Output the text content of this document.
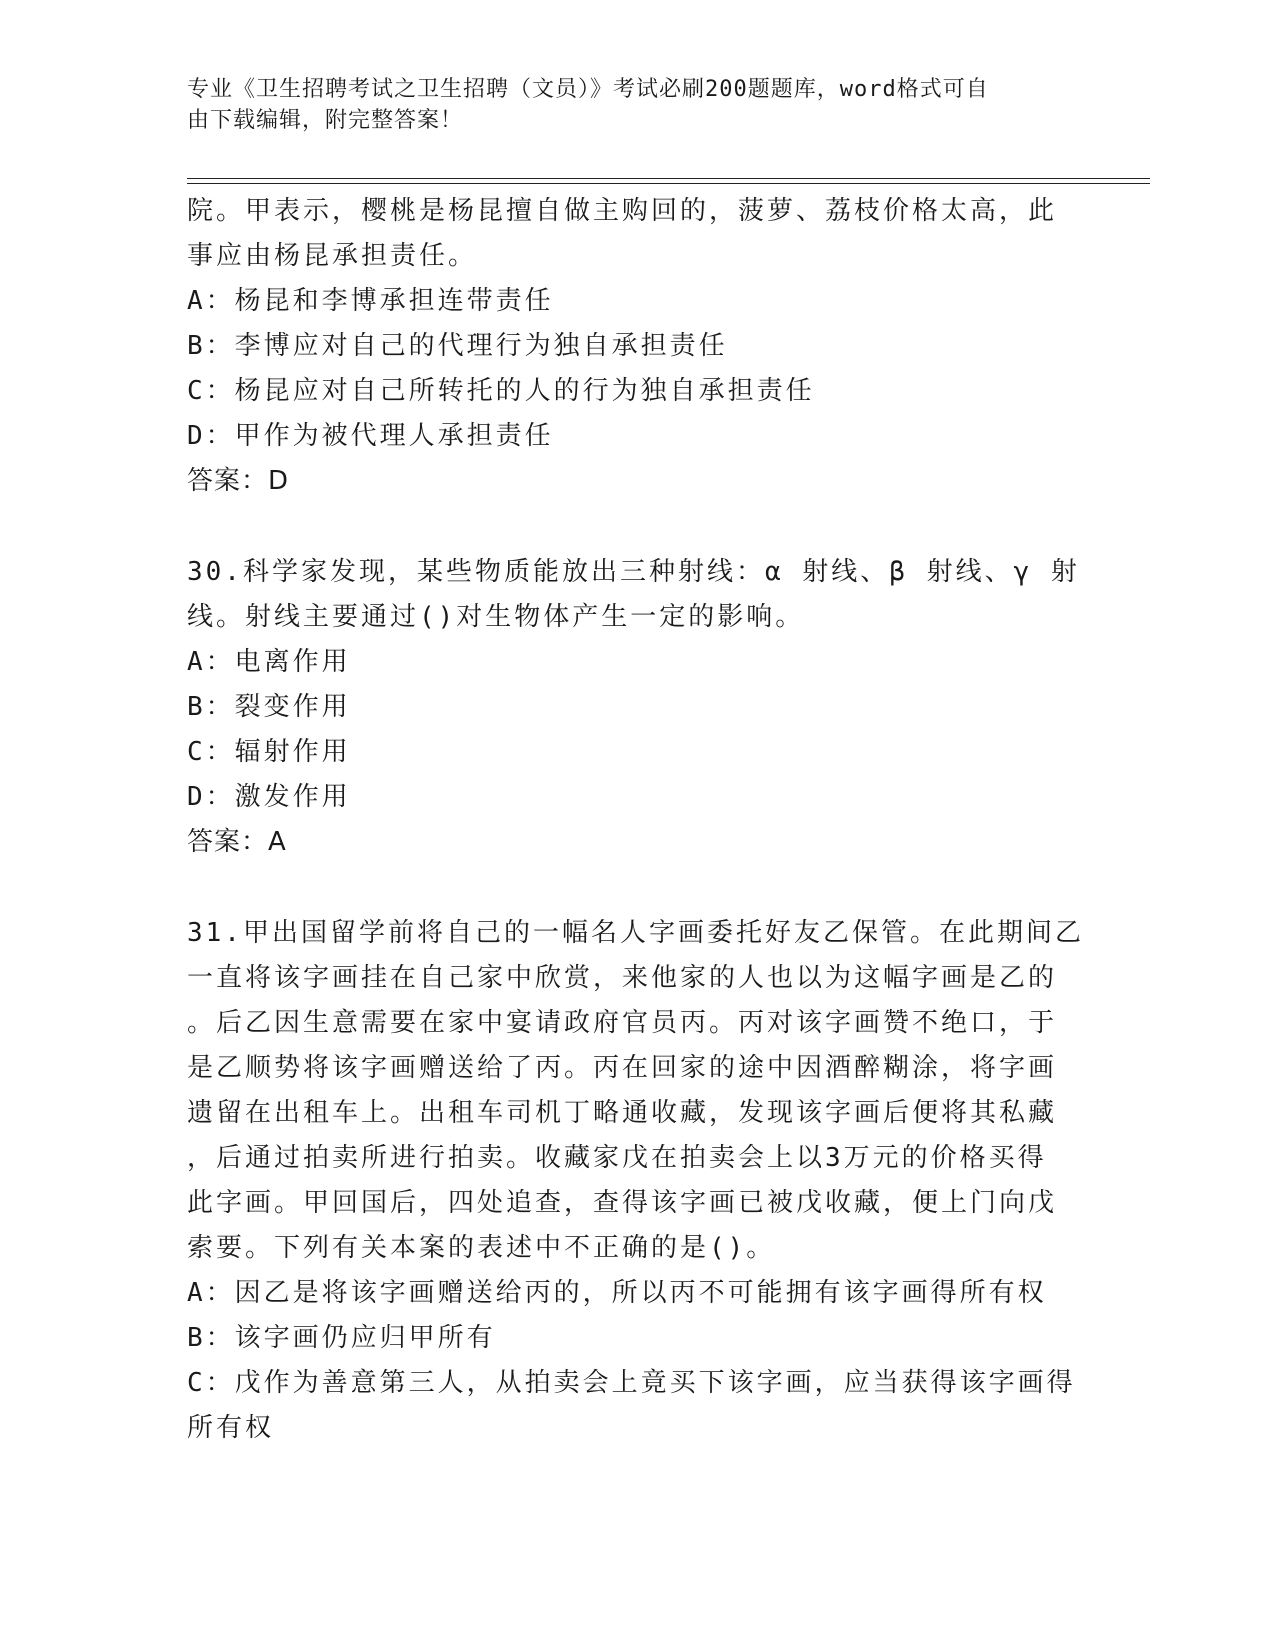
专业《卫生招聘考试之卫生招聘（文员）》考试必刷200题题库，word格式可自
由下载编辑，附完整答案！
院。甲表示，樱桃是杨昆擅自做主购回的，菠萝、荔枝价格太高，此
事应由杨昆承担责任。
A：杨昆和李博承担连带责任
B：李博应对自己的代理行为独自承担责任
C：杨昆应对自己所转托的人的行为独自承担责任
D：甲作为被代理人承担责任
答案：D
30.科学家发现，某些物质能放出三种射线：α 射线、β 射线、γ 射
线。射线主要通过()对生物体产生一定的影响。
A：电离作用
B：裂变作用
C：辐射作用
D：激发作用
答案：A
31.甲出国留学前将自己的一幅名人字画委托好友乙保管。在此期间乙
一直将该字画挂在自己家中欣赏，来他家的人也以为这幅字画是乙的
。后乙因生意需要在家中宴请政府官员丙。丙对该字画赞不绝口，于
是乙顺势将该字画赠送给了丙。丙在回家的途中因酒醉糊涂，将字画
遗留在出租车上。出租车司机丁略通收藏，发现该字画后便将其私藏
，后通过拍卖所进行拍卖。收藏家戊在拍卖会上以3万元的价格买得
此字画。甲回国后，四处追查，查得该字画已被戊收藏，便上门向戊
索要。下列有关本案的表述中不正确的是()。
A：因乙是将该字画赠送给丙的，所以丙不可能拥有该字画得所有权
B：该字画仍应归甲所有
C：戊作为善意第三人，从拍卖会上竟买下该字画，应当获得该字画得
所有权
